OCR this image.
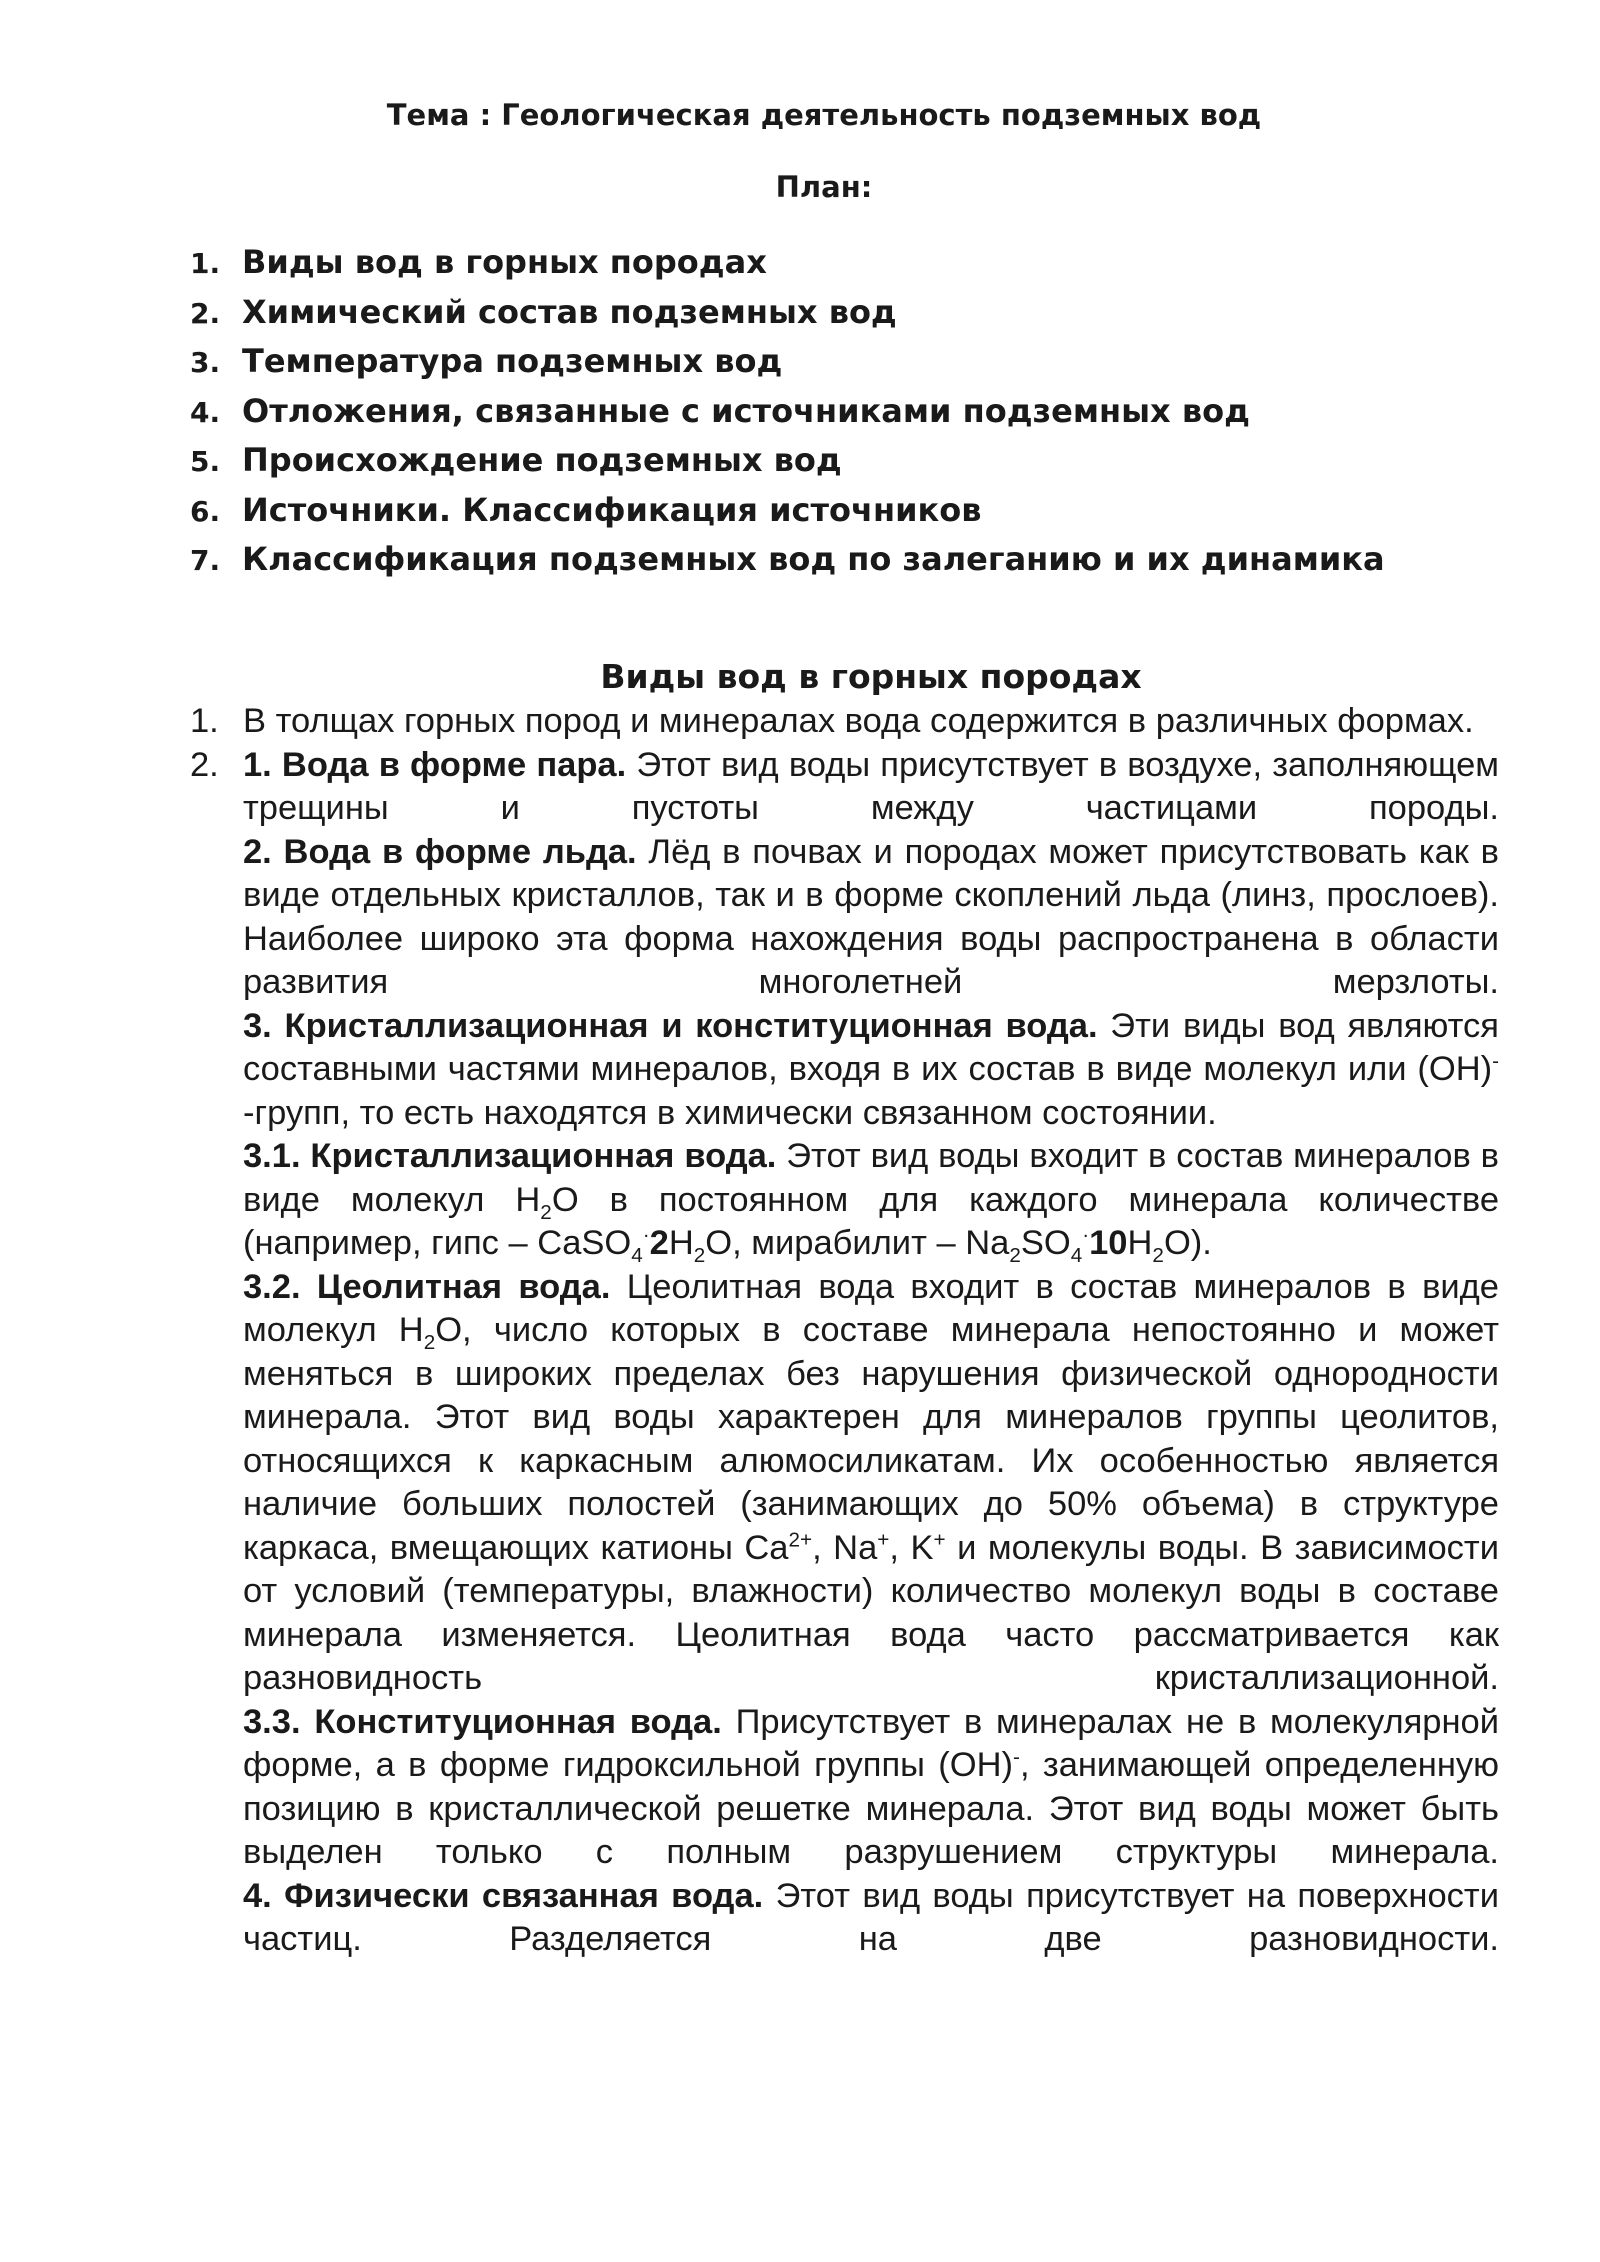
Тема : Геологическая деятельность подземных вод
План:
1. Виды вод в горных породах
2. Химический состав подземных вод
3. Температура подземных вод
4. Отложения, связанные с источниками подземных вод
5. Происхождение подземных вод
6. Источники. Классификация источников
7. Классификация подземных вод по залеганию и их динамика
Виды вод в горных породах
1. В толщах горных пород и минералах вода содержится в различных формах.

2. 1. Вода в форме пара. Этот вид воды присутствует в воздухе, заполняющем трещины и пустоты между частицами породы.

2. Вода в форме льда. Лёд в почвах и породах может присутствовать как в виде отдельных кристаллов, так и в форме скоплений льда (линз, прослоев). Наиболее широко эта форма нахождения воды распространена в области развития многолетней мерзлоты.

3. Кристаллизационная и конституционная вода. Эти виды вод являются составными частями минералов, входя в их состав в виде молекул или (OH)- -групп, то есть находятся в химически связанном состоянии.

3.1. Кристаллизационная вода. Этот вид воды входит в состав минералов в виде молекул $H_2O$ в постоянном для каждого минерала количестве (например, гипс – $CaSO_4^\cdot 2H_2O$, мирабилит – $Na_2SO_4^\cdot 10H_2O$).

3.2. Цеолитная вода. Цеолитная вода входит в состав минералов в виде молекул $H_2O$, число которых в составе минерала непостоянно и может меняться в широких пределах без нарушения физической однородности минерала. Этот вид воды характерен для минералов группы цеолитов, относящихся к каркасным алюмосиликатам. Их особенностью является наличие больших полостей (занимающих до 50% объема) в структуре каркаса, вмещающих катионы $Ca^{2+}$, Na+, K+ и молекулы воды. В зависимости от условий (температуры, влажности) количество молекул воды в составе минерала изменяется. Цеолитная вода часто рассматривается как разновидность кристаллизационной.

3.3. Конституционная вода. Присутствует в минералах не в молекулярной форме, а в форме гидроксильной группы (OH)-, занимающей определенную позицию в кристаллической решетке минерала. Этот вид воды может быть выделен только с полным разрушением структуры минерала.

4. Физически связанная вода. Этот вид воды присутствует на поверхности частиц. Разделяется на две разновидности.
